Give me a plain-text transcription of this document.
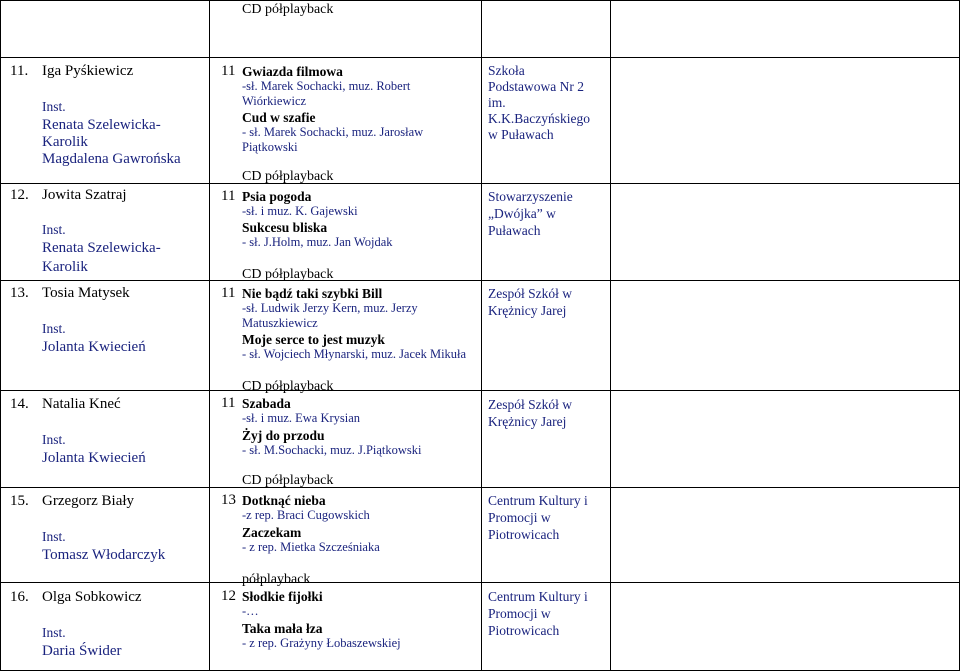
CD półplayback
11. Iga Pyśkiewicz
Inst.
Renata Szelewicka-
Karolik
Magdalena Gawrońska
11 Gwiazda filmowa
-sł. Marek Sochacki, muz. Robert
Wiórkiewicz
Cud w szafie
- sł. Marek Sochacki, muz. Jarosław
Piątkowski
CD półplayback
Szkoła
Podstawowa Nr 2
im.
K.K.Baczyńskiego
w Puławach
12. Jowita Szatraj
Inst.
Renata Szelewicka-
Karolik
11 Psia pogoda
-sł. i muz. K. Gajewski
Sukcesu bliska
- sł. J.Holm, muz. Jan Wojdak
CD półplayback
Stowarzyszenie
„Dwójka” w
Puławach
13. Tosia Matysek
Inst.
Jolanta Kwiecień
11 Nie bądź taki szybki Bill
-sł. Ludwik Jerzy Kern, muz. Jerzy
Matuszkiewicz
Moje serce to jest muzyk
- sł. Wojciech Młynarski, muz. Jacek Mikuła
CD półplayback
Zespół Szkół w
Krężnicy Jarej
14. Natalia Kneć
Inst.
Jolanta Kwiecień
11 Szabada
-sł. i muz. Ewa Krysian
Żyj do przodu
- sł. M.Sochacki, muz. J.Piątkowski
CD półplayback
Zespół Szkół w
Krężnicy Jarej
15. Grzegorz Biały
Inst.
Tomasz Włodarczyk
13 Dotknąć nieba
-z rep. Braci Cugowskich
Zaczekam
- z rep. Mietka Szcześniaka
półplayback
Centrum Kultury i
Promocji w
Piotrowicach
16. Olga Sobkowicz
Inst.
Daria Świder
12 Słodkie fijołki
-…
Taka mała łza
- z rep. Grażyny Łobaszewskiej
Centrum Kultury i
Promocji w
Piotrowicach
